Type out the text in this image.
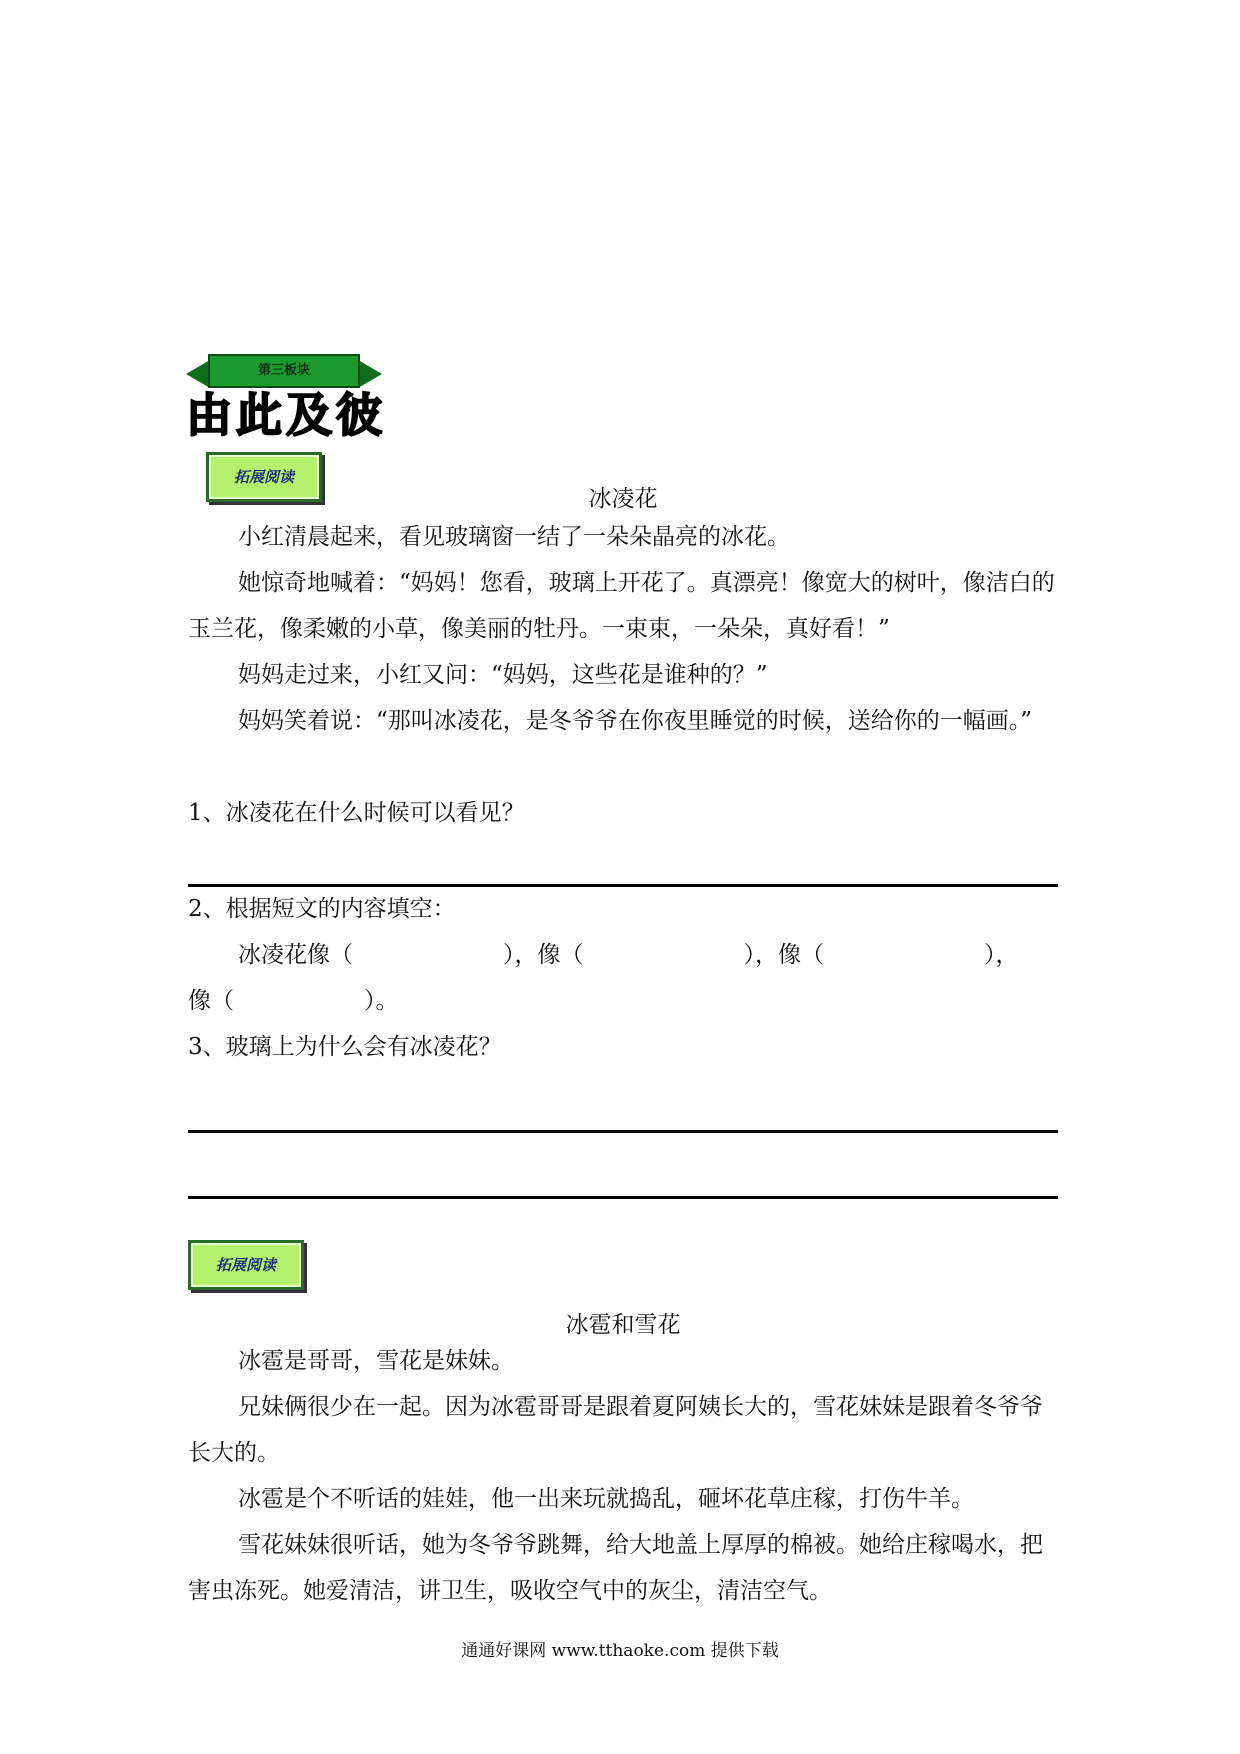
第三板块
由此及彼
拓展阅读
冰凌花
小红清晨起来，看见玻璃窗一结了一朵朵晶亮的冰花。
她惊奇地喊着：“妈妈！您看，玻璃上开花了。真漂亮！像宽大的树叶，像洁白的玉兰花，像柔嫩的小草，像美丽的牡丹。一束束，一朵朵，真好看！”
妈妈走过来，小红又问：“妈妈，这些花是谁种的？”
妈妈笑着说：“那叫冰凌花，是冬爷爷在你夜里睡觉的时候，送给你的一幅画。”
1、冰凌花在什么时候可以看见？
2、根据短文的内容填空：
冰凌花像（	），像（	），像（	），
像（	）。
3、玻璃上为什么会有冰凌花？
拓展阅读
冰雹和雪花
冰雹是哥哥，雪花是妹妹。
兄妹俩很少在一起。因为冰雹哥哥是跟着夏阿姨长大的，雪花妹妹是跟着冬爷爷长大的。
冰雹是个不听话的娃娃，他一出来玩就捣乱，砸坏花草庄稼，打伤牛羊。
雪花妹妹很听话，她为冬爷爷跳舞，给大地盖上厚厚的棉被。她给庄稼喝水，把害虫冻死。她爱清洁，讲卫生，吸收空气中的灰尘，清洁空气。
通通好课网 www.tthaoke.com 提供下载
